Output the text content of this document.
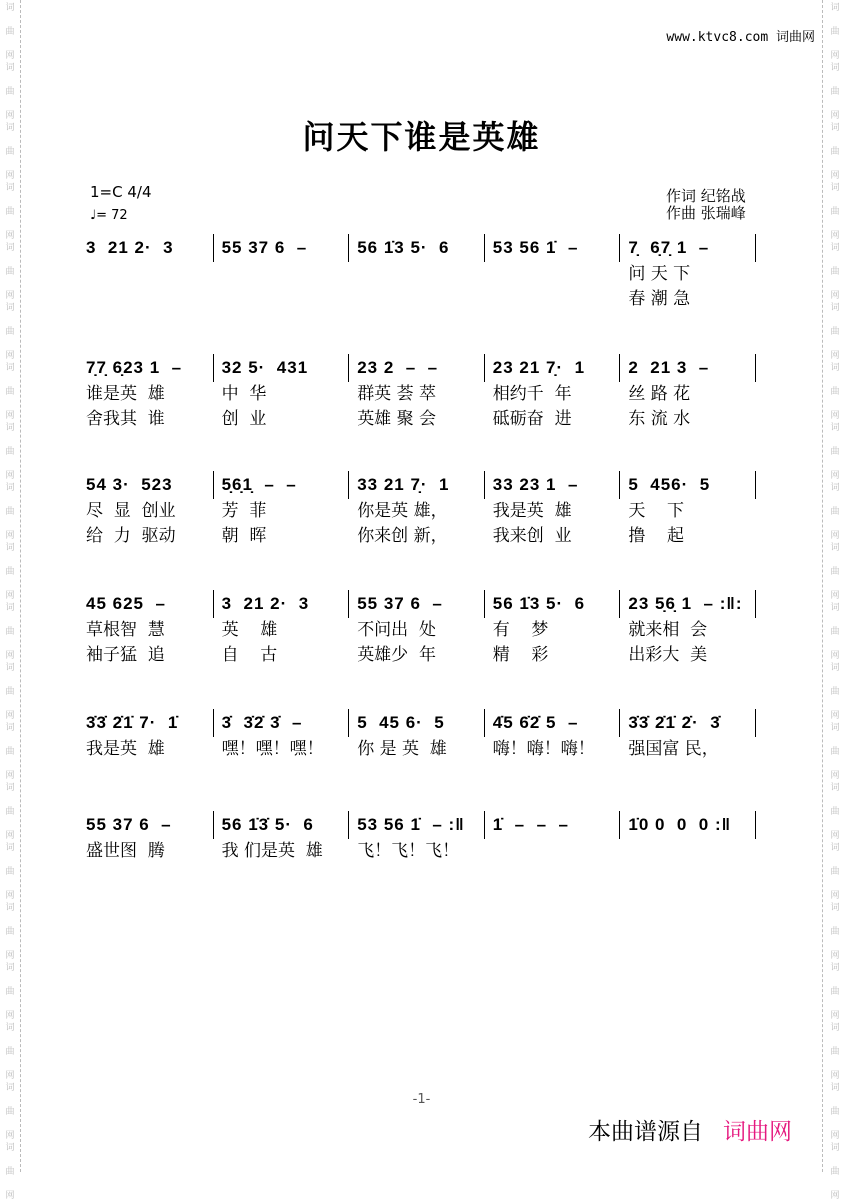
词

曲

网
词

曲

网
词

曲

网
词

曲

网
词

曲

网
词

曲

网
词

曲

网
词

曲

网
词

曲

网
词

曲

网
词

曲

网
词

曲

网
词

曲

网
词

曲

网
词

曲

网
词

曲

网
词

曲

网
词

曲

网
词

曲

网
词

曲

网
词

曲

网
词

曲

网
词

曲

网
词

曲

网
词

曲

网
词

曲

网
词

曲

网
词

曲

网
词

曲

网
词

曲

网
词

曲

网
词

曲

网
词

曲

网
词

曲

网
词

曲

网
词

曲

网
词

曲

网
词

曲

网
词

曲

网
词

曲

网
www.ktvc8.com 词曲网
问天下谁是英雄
1=C 4/4
♩= 72
作词 纪铭战
作曲 张瑞峰
3  21 2·  3	55 37 6  –	56 1̇3 5·  6	53 56 1̇  –	7̣  6̣7̣ 1  –
问 天 下
春 潮 急
7̣7̣ 6̣23 1  –	32 5·  431	23 2  –  –	23 21 7̣·  1	2  21 3  –
谁是英  雄	中  华	群英 荟 萃	相约千  年	丝 路 花
舍我其  谁	创  业	英雄 聚 会	砥砺奋  进	东 流 水
54 3·  523	5̣6̣1̣  –  –	33 21 7̣·  1	33 23 1  –	5  456·  5
尽  显  创业	芳  菲	你是英 雄，	我是英  雄	天    下
给  力  驱动	朝  晖	你来创 新，	我来创  业	撸    起
45 625  –	3  21 2·  3	55 37 6  –	56 1̇3 5·  6	23 5̣6̣ 1  – :‖:
草根智  慧	英    雄	不问出  处	有    梦	就来相  会
袖子猛  追	自    古	英雄少  年	精    彩	出彩大  美
3̇3̇ 2̇1̇ 7·  1̇	3̇  3̇2̇ 3̇  –	5  45 6·  5	4̇5 6̇2̇ 5  –	3̇3̇ 2̇1̇ 2̇·  3̇
我是英  雄	嘿！嘿！嘿！	你 是 英  雄	嗨！嗨！嗨！	强国富 民，
55 37 6  –	56 1̇3̇ 5·  6	53 56 1̇  – :‖	1̇  –  –  –	1̇0 0  0  0 :‖
盛世图  腾	我 们是英  雄	飞！飞！飞！
-1-
本曲谱源自 词曲网
